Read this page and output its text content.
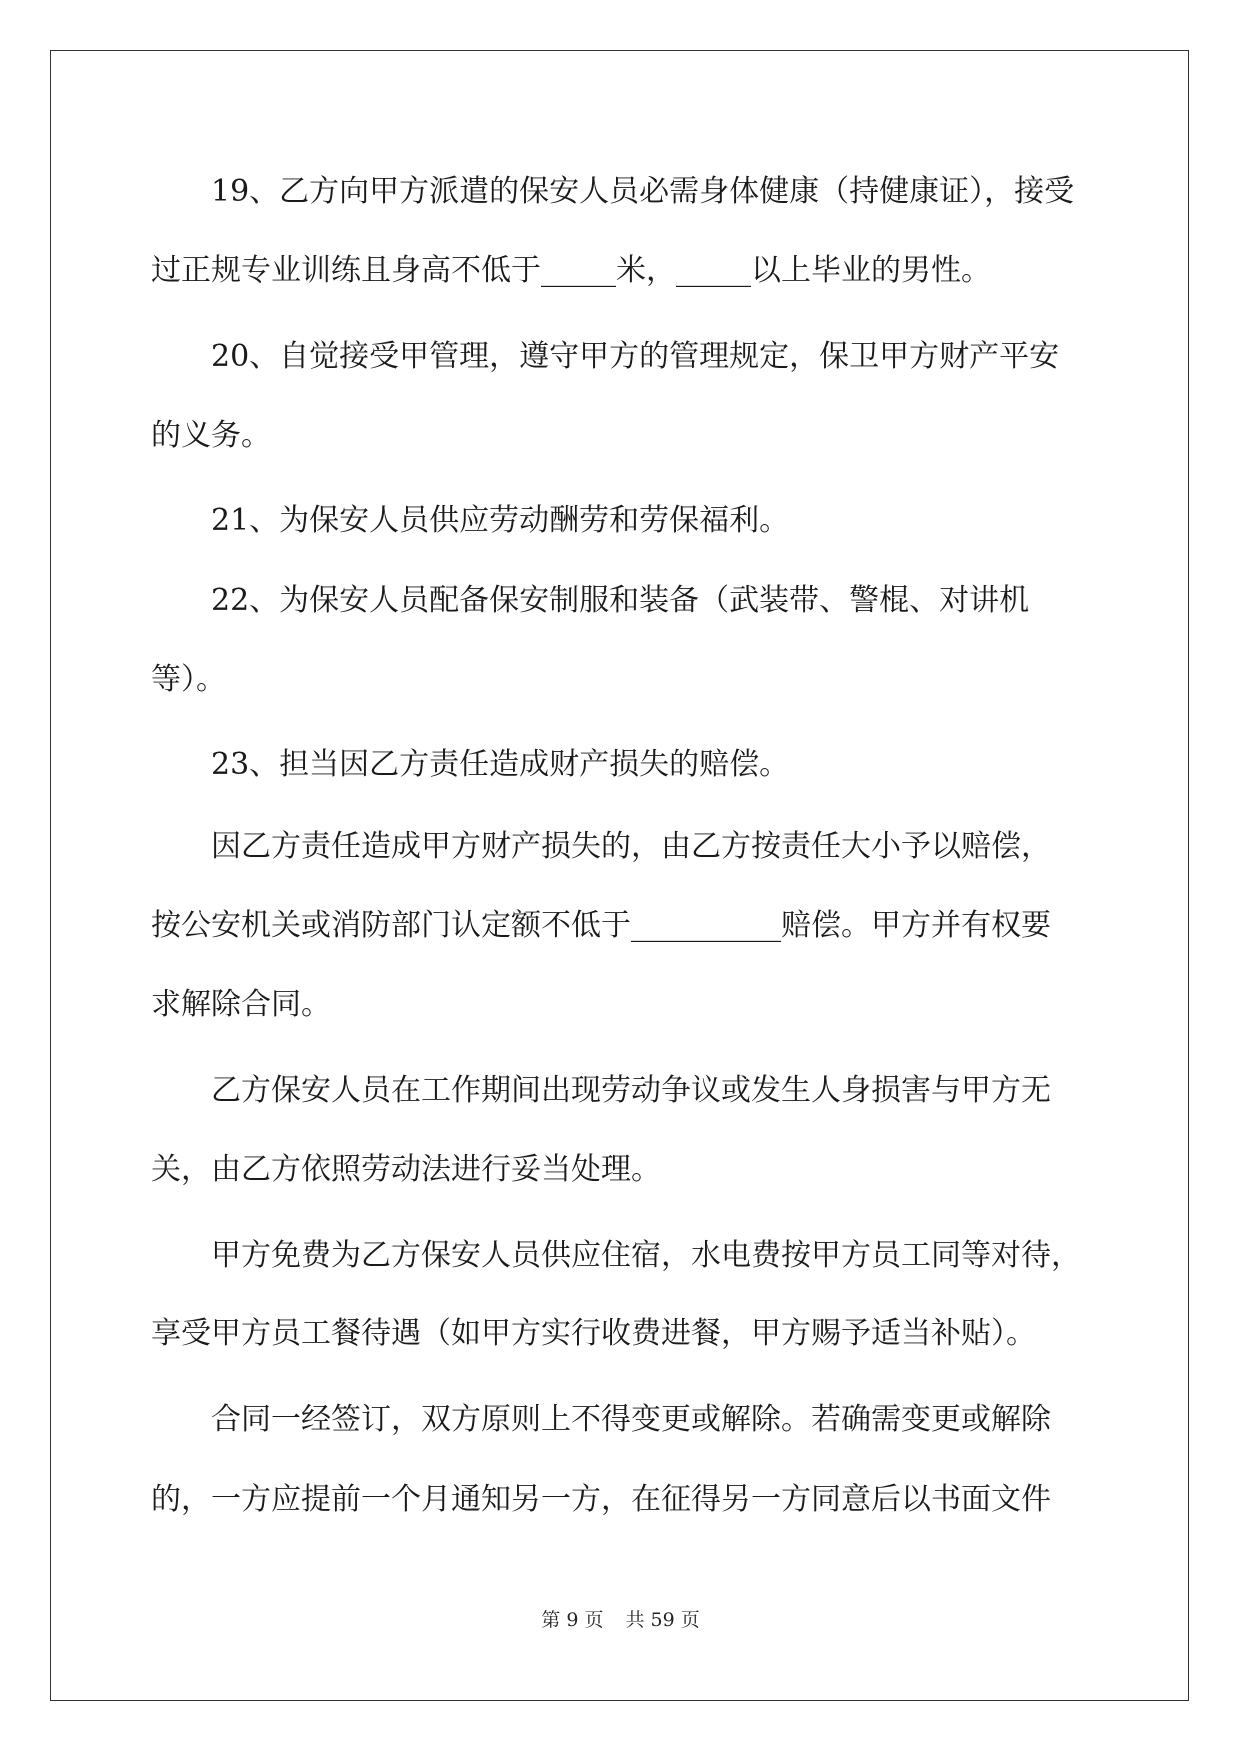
19、乙方向甲方派遣的保安人员必需身体健康（持健康证），接受
过正规专业训练且身高不低于_____米，_____以上毕业的男性。
20、自觉接受甲管理，遵守甲方的管理规定，保卫甲方财产平安
的义务。
21、为保安人员供应劳动酬劳和劳保福利。
22、为保安人员配备保安制服和装备（武装带、警棍、对讲机
等）。
23、担当因乙方责任造成财产损失的赔偿。
因乙方责任造成甲方财产损失的，由乙方按责任大小予以赔偿，
按公安机关或消防部门认定额不低于__________赔偿。甲方并有权要
求解除合同。
乙方保安人员在工作期间出现劳动争议或发生人身损害与甲方无
关，由乙方依照劳动法进行妥当处理。
甲方免费为乙方保安人员供应住宿，水电费按甲方员工同等对待，
享受甲方员工餐待遇（如甲方实行收费进餐，甲方赐予适当补贴）。
合同一经签订，双方原则上不得变更或解除。若确需变更或解除
的，一方应提前一个月通知另一方，在征得另一方同意后以书面文件
第 9 页 共 59 页
